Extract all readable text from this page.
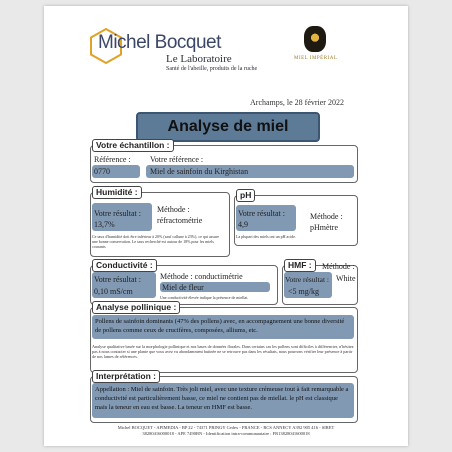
Michel Bocquet
Le Laboratoire
Santé de l'abeille, produits de la ruche
MIEL IMPÉRIAL
Archamps, le 28 février 2022
Analyse de miel
Votre échantillon :
Référence : Votre référence :
0770	Miel de sainfoin du Kirghistan
Humidité :
Votre résultat :
13,7%
Méthode :
réfractométrie
Ce taux d'humidité doit être inférieur à 20% (sauf callune à 23%), ce qui assure une bonne conservation. Le taux recherché est autour de 18% pour les miels courants
pH
Votre résultat :
4,9
Méthode :
pHmètre
La plupart des miels ont un pH acide.
Conductivité :
Votre résultat :
0,10 mS/cm
Méthode : conductimétrie
Miel de fleur
Une conductivité élevée indique la présence de miellat.
HMF :	Méthode :
Votre résultat :
<5 mg/kg
White
Analyse pollinique :
Pollens de sainfoin dominants (47% des pollens) avec, en accompagnement une bonne diversité de pollens comme ceux de crucifères, composées, alliums, etc.
Analyse qualitative basée sur la morphologie pollinique et nos bases de données florales. Dans certains cas les pollens sont difficiles à différencier, n'hésitez pas à nous contacter si une plante que vous avez vu abondamment butinée ne se retrouve pas dans les résultats, nous pourrons vérifier leur présence à partir de nos lames de références.
Interprétation :
Appellation : Miel de sainfoin. Très joli miel, avec une texture crémeuse tout à fait remarquable a conductivité est particulièrement basse, ce miel ne contient pas de miellat. le pH est classique mais la teneur en eau est basse. La teneur en HMF est basse.
Michel BOCQUET - APIMEDIA - BP 22 - 74371 PRINGY Cedex - FRANCE - RCS ANNECY A392 905 416 - SIRET
38280416000018 - APE 7490BN - Identification intra-communautaire : FR13828041600018
